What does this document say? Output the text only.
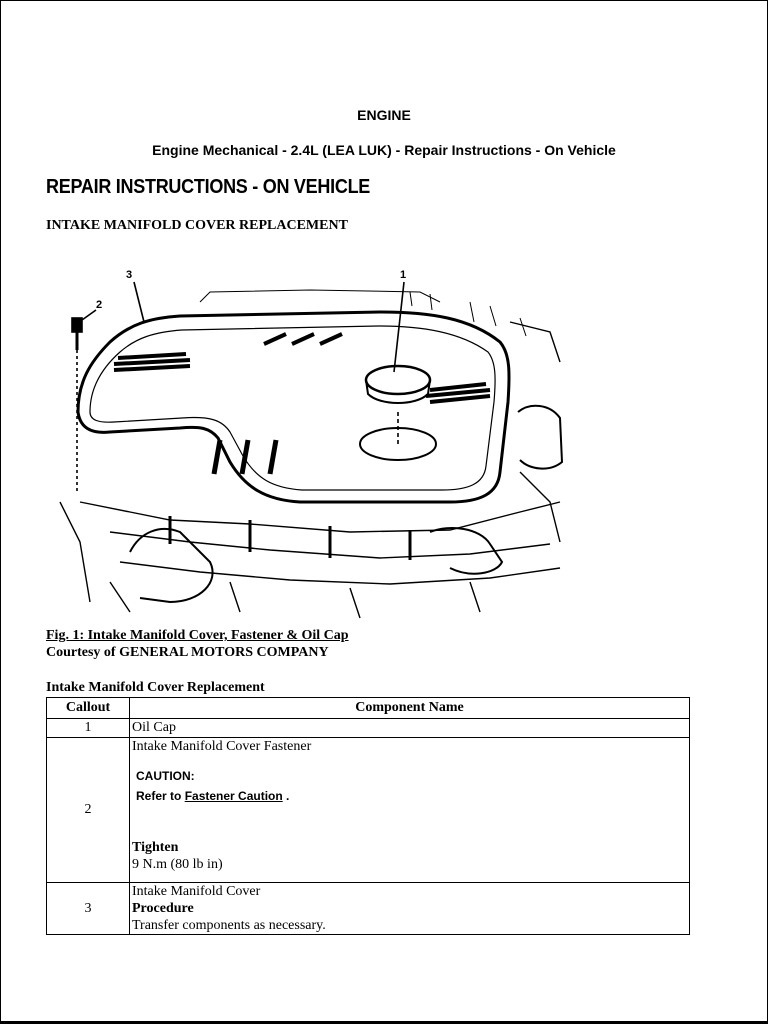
ENGINE
Engine Mechanical - 2.4L (LEA LUK) - Repair Instructions - On Vehicle
REPAIR INSTRUCTIONS - ON VEHICLE
INTAKE MANIFOLD COVER REPLACEMENT
3	1
2
Fig. 1: Intake Manifold Cover, Fastener & Oil Cap
Courtesy of GENERAL MOTORS COMPANY
Intake Manifold Cover Replacement
Callout	Component Name
1	Oil Cap
2	Intake Manifold Cover Fastener
CAUTION:
Refer to Fastener Caution .
Tighten
9 N.m (80 lb in)

3	Intake Manifold Cover
Procedure
Transfer components as necessary.
